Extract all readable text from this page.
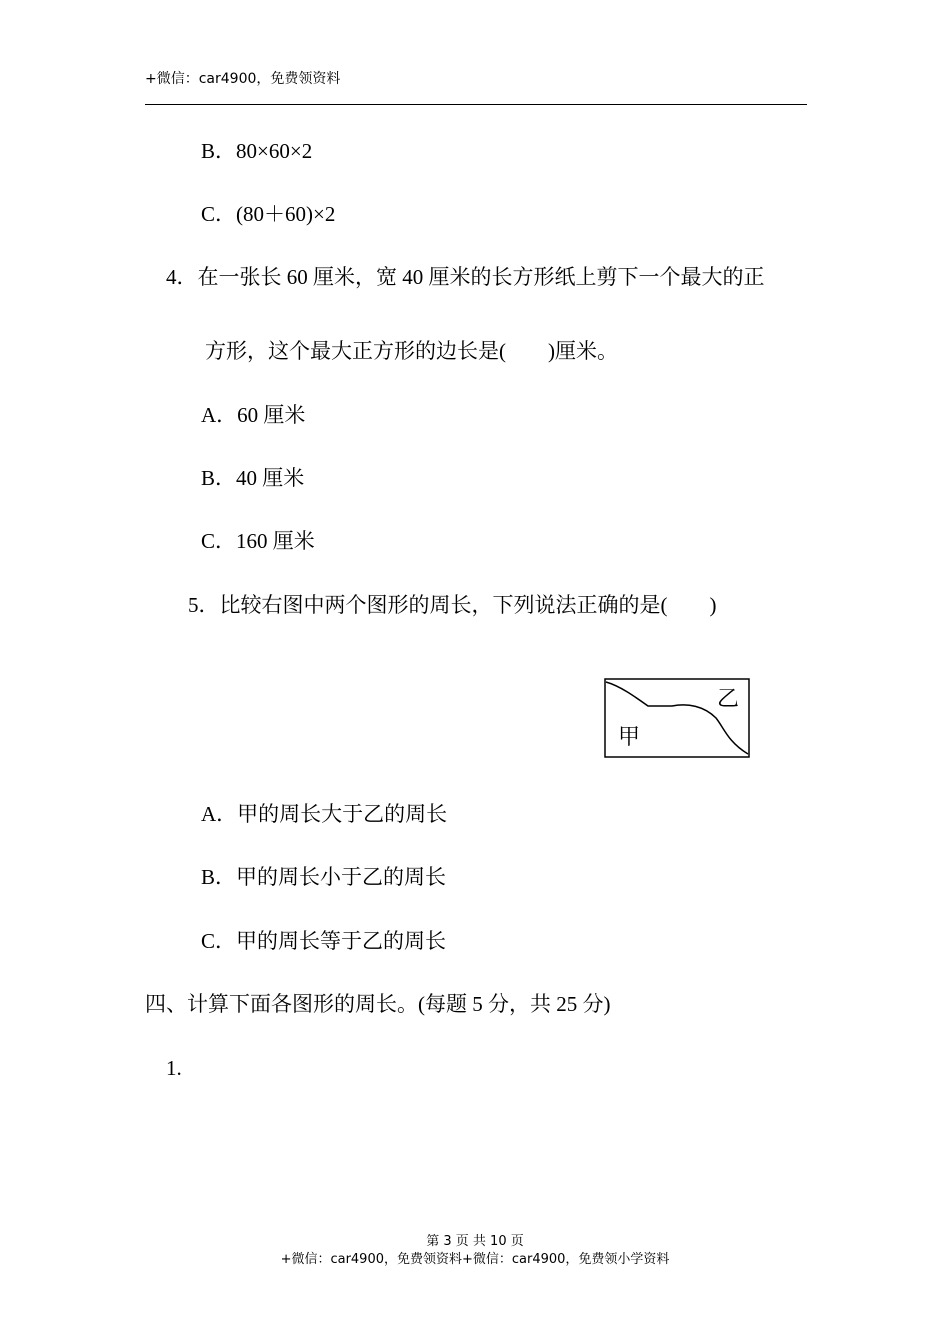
+微信：car4900，免费领资料
B．80×60×2
C．(80＋60)×2
4．在一张长 60 厘米，宽 40 厘米的长方形纸上剪下一个最大的正
方形，这个最大正方形的边长是(　　)厘米。
A．60 厘米
B．40 厘米
C．160 厘米
5．比较右图中两个图形的周长，下列说法正确的是(　　)
甲
乙
A．甲的周长大于乙的周长
B．甲的周长小于乙的周长
C．甲的周长等于乙的周长
四、计算下面各图形的周长。(每题 5 分，共 25 分)
1.
第 3 页 共 10 页
+微信：car4900，免费领资料+微信：car4900，免费领小学资料
